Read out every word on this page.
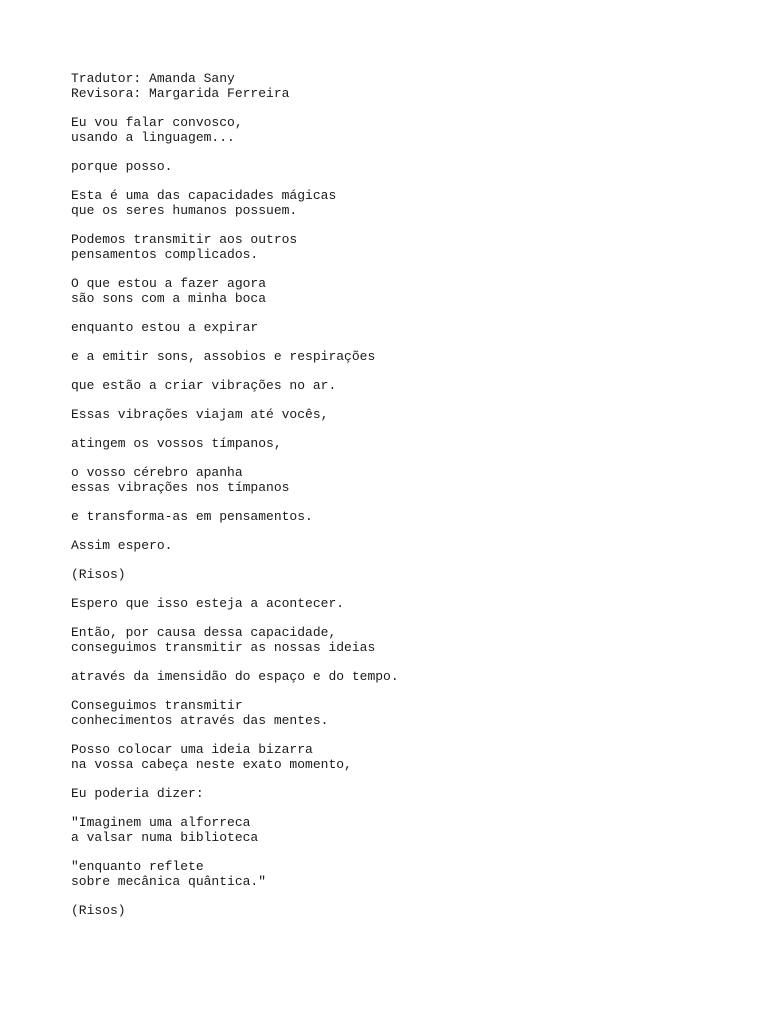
Tradutor: Amanda Sany
Revisora: Margarida Ferreira
Eu vou falar convosco,
usando a linguagem...
porque posso.
Esta é uma das capacidades mágicas
que os seres humanos possuem.
Podemos transmitir aos outros
pensamentos complicados.
O que estou a fazer agora
são sons com a minha boca
enquanto estou a expirar
e a emitir sons, assobios e respirações
que estão a criar vibrações no ar.
Essas vibrações viajam até vocês,
atingem os vossos tímpanos,
o vosso cérebro apanha
essas vibrações nos tímpanos
e transforma-as em pensamentos.
Assim espero.
(Risos)
Espero que isso esteja a acontecer.
Então, por causa dessa capacidade,
conseguimos transmitir as nossas ideias
através da imensidão do espaço e do tempo.
Conseguimos transmitir
conhecimentos através das mentes.
Posso colocar uma ideia bizarra
na vossa cabeça neste exato momento,
Eu poderia dizer:
"Imaginem uma alforreca
a valsar numa biblioteca
"enquanto reflete
sobre mecânica quântica."
(Risos)
